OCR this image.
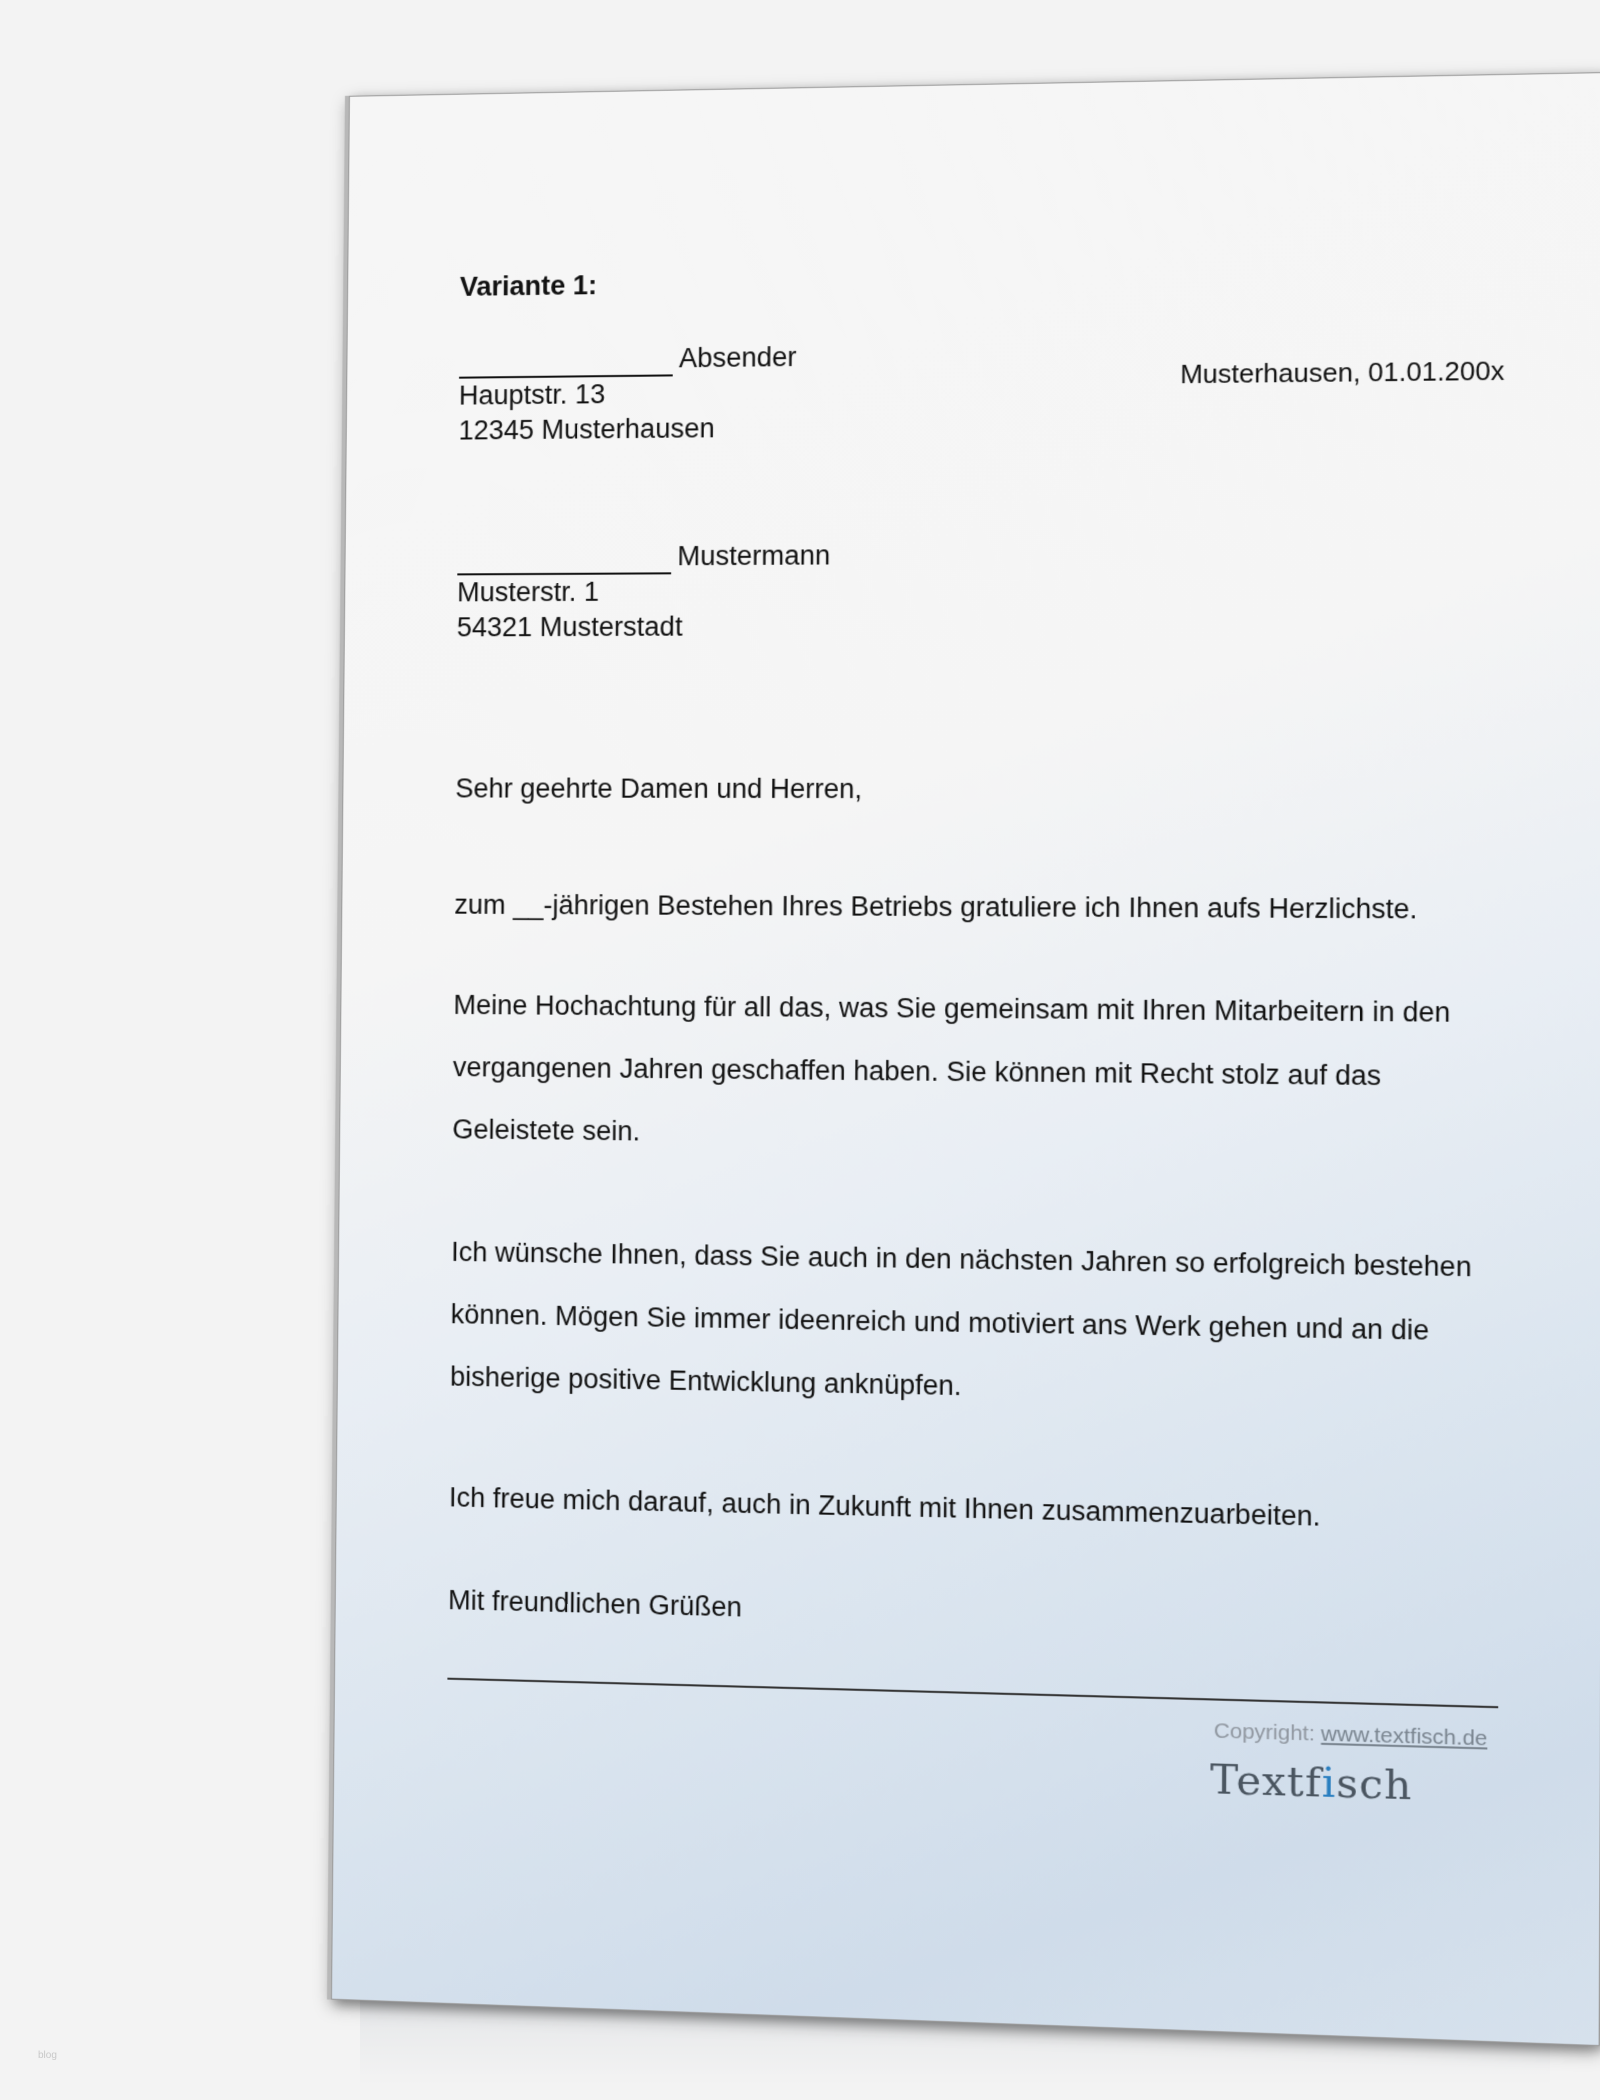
Variante 1:
Absender
Hauptstr. 13
12345 Musterhausen
Musterhausen, 01.01.200x
Mustermann
Musterstr. 1
54321 Musterstadt
Sehr geehrte Damen und Herren,
zum __-jährigen Bestehen Ihres Betriebs gratuliere ich Ihnen aufs Herzlichste.
Meine Hochachtung für all das, was Sie gemeinsam mit Ihren Mitarbeitern in den vergangenen Jahren geschaffen haben. Sie können mit Recht stolz auf das Geleistete sein.
Ich wünsche Ihnen, dass Sie auch in den nächsten Jahren so erfolgreich bestehen können. Mögen Sie immer ideenreich und motiviert ans Werk gehen und an die bisherige positive Entwicklung anknüpfen.
Ich freue mich darauf, auch in Zukunft mit Ihnen zusammenzuarbeiten.
Mit freundlichen Grüßen
Copyright: www.textfisch.de
Textfisch
blog
